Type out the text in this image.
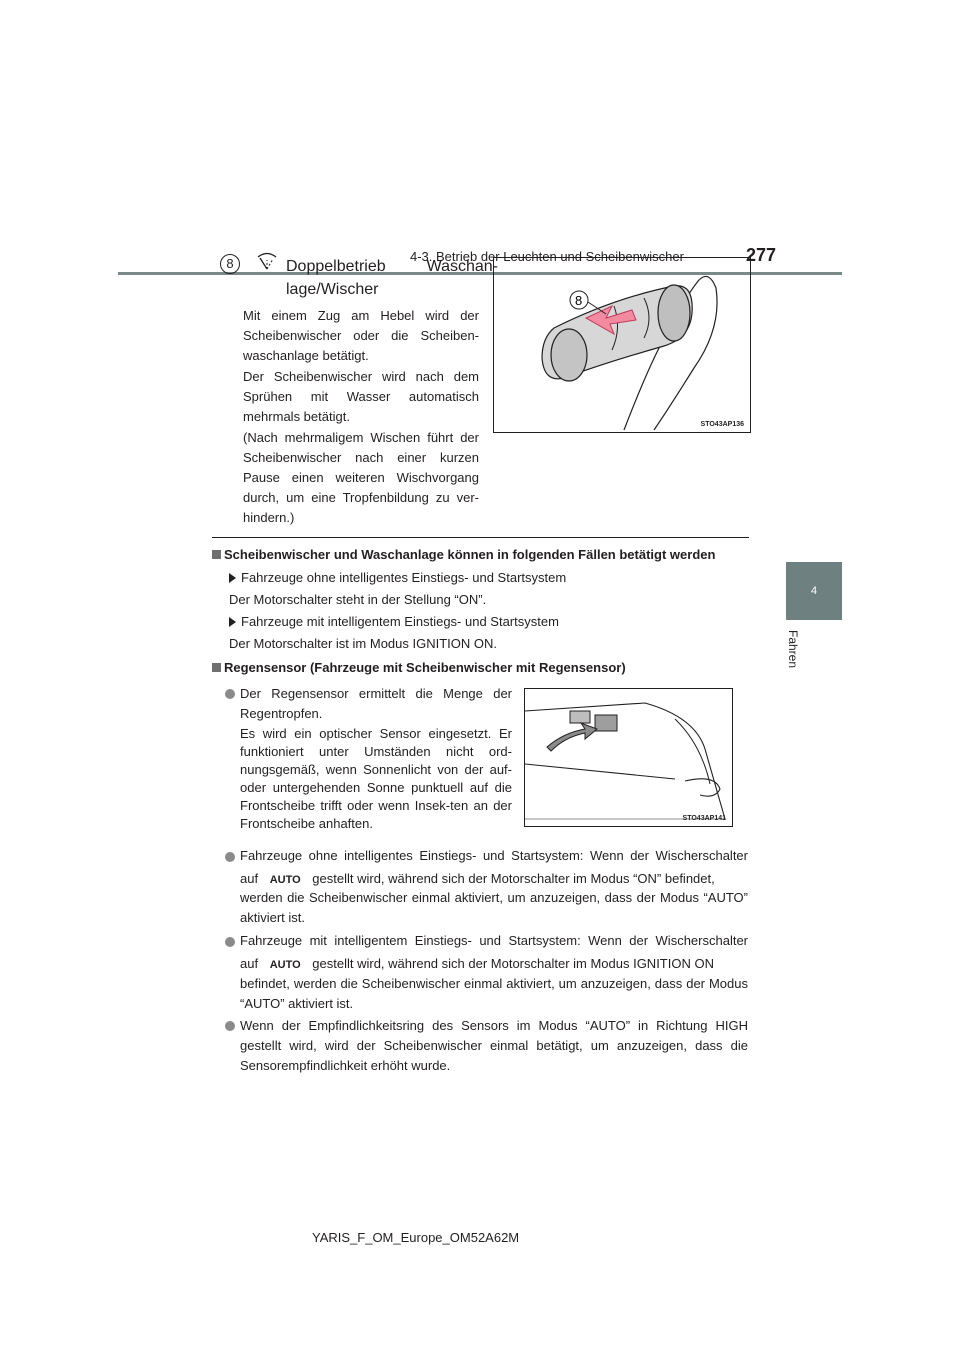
4-3. Betrieb der Leuchten und Scheibenwischer	277
4
Fahren
8	Doppelbetrieb Waschan-lage/Wischer
Mit einem Zug am Hebel wird der Scheibenwischer oder die Scheiben-waschanlage betätigt.
Der Scheibenwischer wird nach dem Sprühen mit Wasser automatisch mehrmals betätigt.
(Nach mehrmaligem Wischen führt der Scheibenwischer nach einer kurzen Pause einen weiteren Wischvorgang durch, um eine Tropfenbildung zu ver-hindern.)
8
STO43AP136
Scheibenwischer und Waschanlage können in folgenden Fällen betätigt werden
Fahrzeuge ohne intelligentes Einstiegs- und Startsystem
Der Motorschalter steht in der Stellung “ON”.
Fahrzeuge mit intelligentem Einstiegs- und Startsystem
Der Motorschalter ist im Modus IGNITION ON.
Regensensor (Fahrzeuge mit Scheibenwischer mit Regensensor)
Der Regensensor ermittelt die Menge der Regentropfen.
Es wird ein optischer Sensor eingesetzt. Er funktioniert unter Umständen nicht ord-nungsgemäß, wenn Sonnenlicht von der auf- oder untergehenden Sonne punktuell auf die Frontscheibe trifft oder wenn Insek-ten an der Frontscheibe anhaften.	STO43AP141
Fahrzeuge ohne intelligentes Einstiegs- und Startsystem: Wenn der Wischerschalter
auf AUTO gestellt wird, während sich der Motorschalter im Modus “ON” befindet,
werden die Scheibenwischer einmal aktiviert, um anzuzeigen, dass der Modus “AUTO” aktiviert ist.
Fahrzeuge mit intelligentem Einstiegs- und Startsystem: Wenn der Wischerschalter
auf AUTO gestellt wird, während sich der Motorschalter im Modus IGNITION ON
befindet, werden die Scheibenwischer einmal aktiviert, um anzuzeigen, dass der Modus “AUTO” aktiviert ist.
Wenn der Empfindlichkeitsring des Sensors im Modus “AUTO” in Richtung HIGH gestellt wird, wird der Scheibenwischer einmal betätigt, um anzuzeigen, dass die Sensorempfindlichkeit erhöht wurde.
YARIS_F_OM_Europe_OM52A62M
